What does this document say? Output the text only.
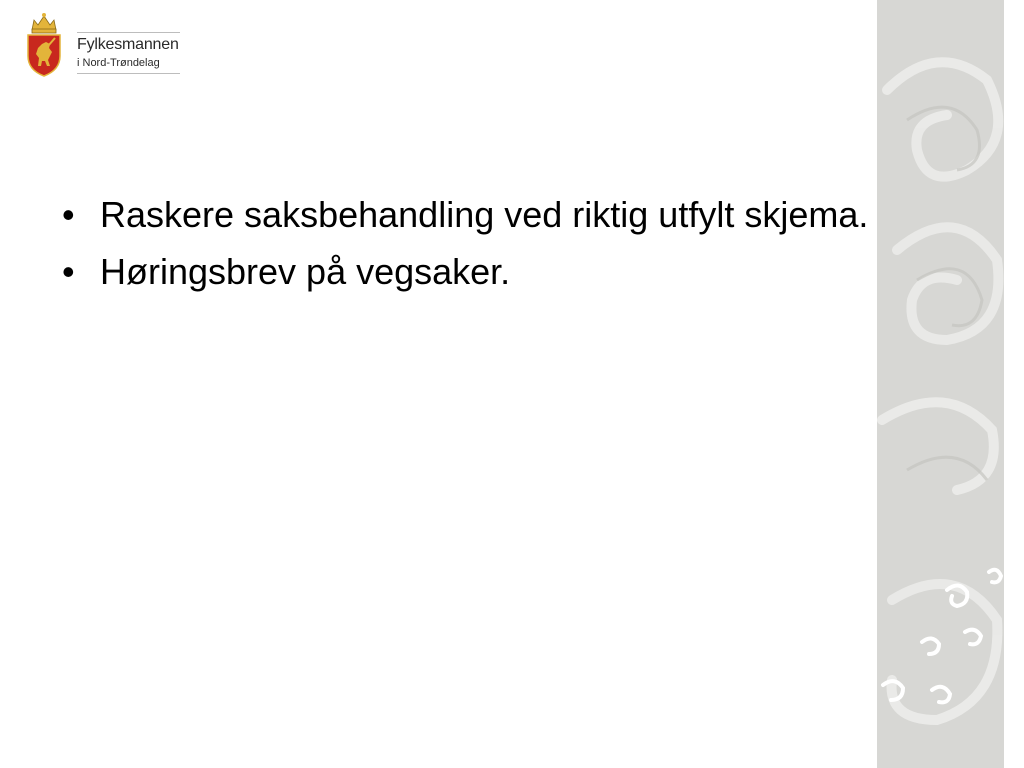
Fylkesmannen
i Nord-Trøndelag
• Raskere saksbehandling ved riktig utfylt skjema.
• Høringsbrev på vegsaker.
